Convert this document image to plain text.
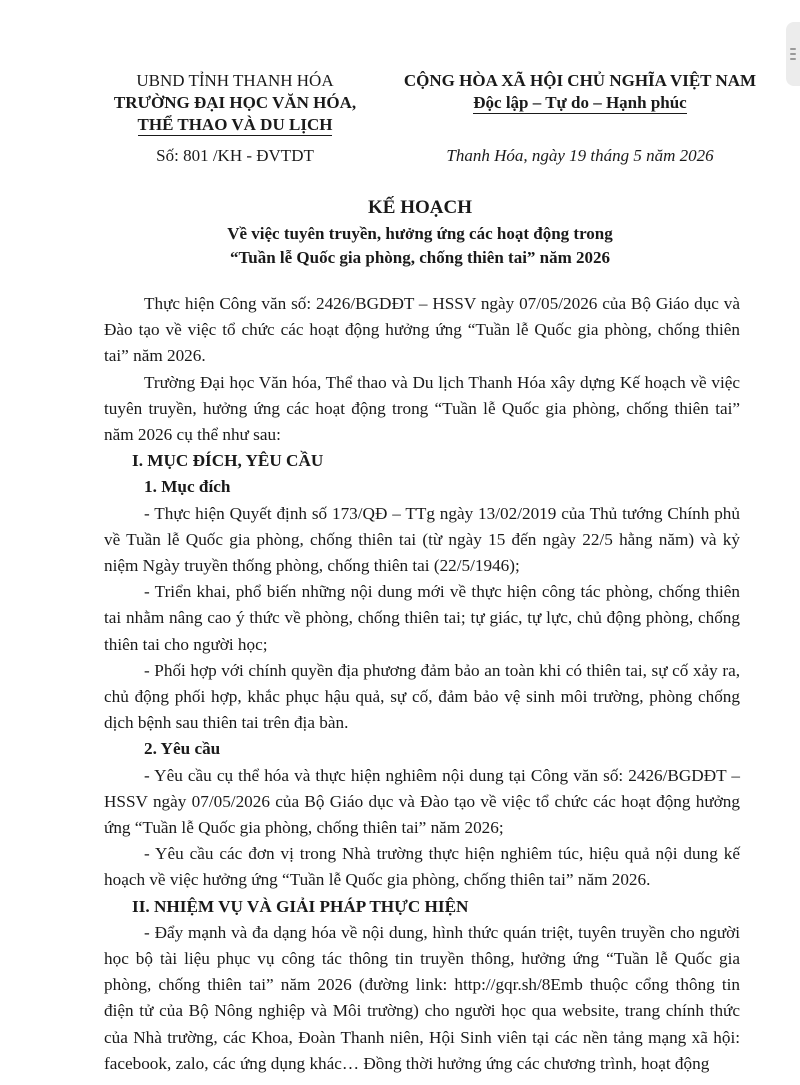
UBND TỈNH THANH HÓA
TRƯỜNG ĐẠI HỌC VĂN HÓA,
THỂ THAO VÀ DU LỊCH
CỘNG HÒA XÃ HỘI CHỦ NGHĨA VIỆT NAM
Độc lập – Tự do – Hạnh phúc
Số: 801 /KH - ĐVTDT	Thanh Hóa, ngày 19 tháng 5 năm 2026
KẾ HOẠCH
Về việc tuyên truyền, hưởng ứng các hoạt động trong
“Tuần lễ Quốc gia phòng, chống thiên tai” năm 2026

Thực hiện Công văn số: 2426/BGDĐT – HSSV ngày 07/05/2026 của Bộ Giáo dục và Đào tạo về việc tổ chức các hoạt động hưởng ứng “Tuần lễ Quốc gia phòng, chống thiên tai” năm 2026.

Trường Đại học Văn hóa, Thể thao và Du lịch Thanh Hóa xây dựng Kế hoạch về việc tuyên truyền, hưởng ứng các hoạt động trong “Tuần lễ Quốc gia phòng, chống thiên tai” năm 2026 cụ thể như sau:

I. MỤC ĐÍCH, YÊU CẦU

1. Mục đích

- Thực hiện Quyết định số 173/QĐ – TTg ngày 13/02/2019 của Thủ tướng Chính phủ về Tuần lễ Quốc gia phòng, chống thiên tai (từ ngày 15 đến ngày 22/5 hằng năm) và kỷ niệm Ngày truyền thống phòng, chống thiên tai (22/5/1946);

- Triển khai, phổ biến những nội dung mới về thực hiện công tác phòng, chống thiên tai nhằm nâng cao ý thức về phòng, chống thiên tai; tự giác, tự lực, chủ động phòng, chống thiên tai cho người học;

- Phối hợp với chính quyền địa phương đảm bảo an toàn khi có thiên tai, sự cố xảy ra, chủ động phối hợp, khắc phục hậu quả, sự cố, đảm bảo vệ sinh môi trường, phòng chống dịch bệnh sau thiên tai trên địa bàn.

2. Yêu cầu

- Yêu cầu cụ thể hóa và thực hiện nghiêm nội dung tại Công văn số: 2426/BGDĐT – HSSV ngày 07/05/2026 của Bộ Giáo dục và Đào tạo về việc tổ chức các hoạt động hưởng ứng “Tuần lễ Quốc gia phòng, chống thiên tai” năm 2026;

- Yêu cầu các đơn vị trong Nhà trường thực hiện nghiêm túc, hiệu quả nội dung kế hoạch về việc hưởng ứng “Tuần lễ Quốc gia phòng, chống thiên tai” năm 2026.

II. NHIỆM VỤ VÀ GIẢI PHÁP THỰC HIỆN

- Đẩy mạnh và đa dạng hóa về nội dung, hình thức quán triệt, tuyên truyền cho người học bộ tài liệu phục vụ công tác thông tin truyền thông, hưởng ứng “Tuần lễ Quốc gia phòng, chống thiên tai” năm 2026 (đường link: http://gqr.sh/8Emb thuộc cổng thông tin điện tử của Bộ Nông nghiệp và Môi trường) cho người học qua website, trang chính thức của Nhà trường, các Khoa, Đoàn Thanh niên, Hội Sinh viên tại các nền tảng mạng xã hội: facebook, zalo, các ứng dụng khác… Đồng thời hưởng ứng các chương trình, hoạt động
